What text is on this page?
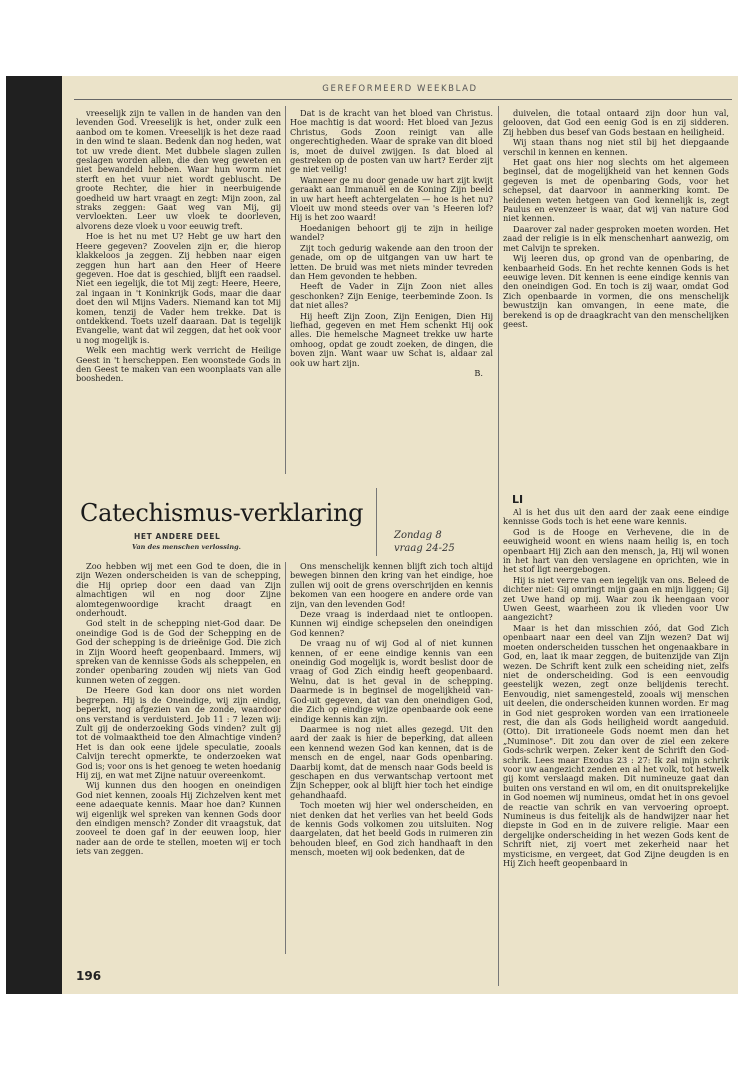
GEREFORMEERD WEEKBLAD

vreeselijk zijn te vallen in de handen van den levenden God. Vreeselijk is het, onder zulk een aanbod om te komen. Vreeselijk is het deze raad in den wind te slaan. Bedenk dan nog heden, wat tot uw vrede dient. Met dubbele slagen zullen geslagen worden allen, die den weg geweten en niet bewandeld hebben. Waar hun worm niet sterft en het vuur niet wordt gebluscht. De groote Rechter, die hier in neerbuigende goedheid uw hart vraagt en zegt: Mijn zoon, zal straks zeggen: Gaat weg van Mij, gij vervloekten. Leer uw vloek te doorleven, alvorens deze vloek u voor eeuwig treft.

Hoe is het nu met U? Hebt ge uw hart den Heere gegeven? Zoovelen zijn er, die hierop klakkeloos ja zeggen. Zij hebben naar eigen zeggen hun hart aan den Heer of Heere gegeven. Hoe dat is geschied, blijft een raadsel. Niet een iegelijk, die tot Mij zegt: Heere, Heere, zal ingaan in 't Koninkrijk Gods, maar die daar doet den wil Mijns Vaders. Niemand kan tot Mij komen, tenzij de Vader hem trekke. Dat is ontdekkend. Toets uzelf daaraan. Dat is tegelijk Evangelie, want dat wil zeggen, dat het ook voor u nog mogelijk is.

Welk een machtig werk verricht de Heilige Geest in 't herscheppen. Een woonstede Gods in den Geest te maken van een woonplaats van alle boosheden.

Dat is de kracht van het bloed van Christus. Hoe machtig is dat woord: Het bloed van Jezus Christus, Gods Zoon reinigt van alle ongerechtigheden. Waar de sprake van dit bloed is, moet de duivel zwijgen. Is dat bloed al gestreken op de posten van uw hart? Eerder zijt ge niet veilig!

Wanneer ge nu door genade uw hart zijt kwijt geraakt aan Immanuël en de Koning Zijn beeld in uw hart heeft achtergelaten — hoe is het nu? Vloeit uw mond steeds over van 's Heeren lof? Hij is het zoo waard!

Hoedanigen behoort gij te zijn in heilige wandel?

Zijt toch gedurig wakende aan den troon der genade, om op de uitgangen van uw hart te letten. De bruid was met niets minder tevreden dan Hem gevonden te hebben.

Heeft de Vader in Zijn Zoon niet alles geschonken? Zijn Eenige, teerbeminde Zoon. Is dat niet alles?

Hij heeft Zijn Zoon, Zijn Eenigen, Dien Hij liefhad, gegeven en met Hem schenkt Hij ook alles. Die hemelsche Magneet trekke uw harte omhoog, opdat ge zoudt zoeken, de dingen, die boven zijn. Want waar uw Schat is, aldaar zal ook uw hart zijn.

B.

Catechismus-verklaring
HET ANDERE DEEL
Van des menschen verlossing.
Zondag 8
vraag 24-25
LI

Zoo hebben wij met een God te doen, die in zijn Wezen onderscheiden is van de schepping, die Hij opriep door een daad van Zijn almachtigen wil en nog door Zijne alomtegenwoordige kracht draagt en onderhoudt.

God stelt in de schepping niet-God daar. De oneindige God is de God der Schepping en de God der schepping is de drieënige God. Die zich in Zijn Woord heeft geopenbaard. Immers, wij spreken van de kennisse Gods als scheppelen, en zonder openbaring zouden wij niets van God kunnen weten of zeggen.

De Heere God kan door ons niet worden begrepen. Hij is de Oneindige, wij zijn eindig, beperkt, nog afgezien van de zonde, waardoor ons verstand is verduisterd. Job 11 : 7 lezen wij: Zult gij de onderzoeking Gods vinden? zult gij tot de volmaaktheid toe den Almachtige vinden? Het is dan ook eene ijdele speculatie, zooals Calvijn terecht opmerkte, te onderzoeken wat God is; voor ons is het genoeg te weten hoedanig Hij zij, en wat met Zijne natuur overeenkomt.

Wij kunnen dus den hoogen en oneindigen God niet kennen, zooals Hij Zichzelven kent met eene adaequate kennis. Maar hoe dan? Kunnen wij eigenlijk wel spreken van kennen Gods door den eindigen mensch? Zonder dit vraagstuk, dat zooveel te doen gaf in der eeuwen loop, hier nader aan de orde te stellen, moeten wij er toch iets van zeggen.

Ons menschelijk kennen blijft zich toch altijd bewegen binnen den kring van het eindige, hoe zullen wij ooit de grens overschrijden en kennis bekomen van een hoogere en andere orde van zijn, van den levenden God!

Deze vraag is inderdaad niet te ontloopen. Kunnen wij eindige schepselen den oneindigen God kennen?

De vraag nu of wij God al of niet kunnen kennen, of er eene eindige kennis van een oneindig God mogelijk is, wordt beslist door de vraag of God Zich eindig heeft geopenbaard. Welnu, dat is het geval in de schepping. Daarmede is in beginsel de mogelijkheid van-God-uit gegeven, dat van den oneindigen God, die Zich op eindige wijze openbaarde ook eene eindige kennis kan zijn.

Daarmee is nog niet alles gezegd. Uit den aard der zaak is hier de beperking, dat alleen een kennend wezen God kan kennen, dat is de mensch en de engel, naar Gods openbaring. Daarbij komt, dat de mensch naar Gods beeld is geschapen en dus verwantschap vertoont met Zijn Schepper, ook al blijft hier toch het eindige gehandhaafd.

Toch moeten wij hier wel onderscheiden, en niet denken dat het verlies van het beeld Gods de kennis Gods volkomen zou uitsluiten. Nog daargelaten, dat het beeld Gods in ruimeren zin behouden bleef, en God zich handhaaft in den mensch, moeten wij ook bedenken, dat de

duivelen, die totaal ontaard zijn door hun val, gelooven, dat God een eenig God is en zij sidderen. Zij hebben dus besef van Gods bestaan en heiligheid.

Wij staan thans nog niet stil bij het diepgaande verschil in kennen en kennen.

Het gaat ons hier nog slechts om het algemeen beginsel, dat de mogelijkheid van het kennen Gods gegeven is met de openbaring Gods, voor het schepsel, dat daarvoor in aanmerking komt. De heidenen weten hetgeen van God kennelijk is, zegt Paulus en evenzeer is waar, dat wij van nature God niet kennen.

Daarover zal nader gesproken moeten worden. Het zaad der religie is in elk menschenhart aanwezig, om met Calvijn te spreken.

Wij leeren dus, op grond van de openbaring, de kenbaarheid Gods. En het rechte kennen Gods is het eeuwige leven. Dit kennen is eene eindige kennis van den oneindigen God. En toch is zij waar, omdat God Zich openbaarde in vormen, die ons menschelijk bewustzijn kan omvangen, in eene mate, die berekend is op de draagkracht van den menschelijken geest.

Al is het dus uit den aard der zaak eene eindige kennisse Gods toch is het eene ware kennis.

God is de Hooge en Verhevene, die in de eeuwigheid woont en wiens naam heilig is, en toch openbaart Hij Zich aan den mensch, ja, Hij wil wonen in het hart van den verslagene en oprichten, wie in het stof ligt neergebogen.

Hij is niet verre van een iegelijk van ons. Beleed de dichter niet: Gij omringt mijn gaan en mijn liggen; Gij zet Uwe hand op mij. Waar zou ik heengaan voor Uwen Geest, waarheen zou ik vlieden voor Uw aangezicht?

Maar is het dan misschien zóó, dat God Zich openbaart naar een deel van Zijn wezen? Dat wij moeten onderscheiden tusschen het ongenaakbare in God, en, laat ik maar zeggen, de buitenzijde van Zijn wezen. De Schrift kent zulk een scheiding niet, zelfs niet de onderscheiding. God is een eenvoudig geestelijk wezen, zegt onze belijdenis terecht. Eenvoudig, niet samengesteld, zooals wij menschen uit deelen, die onderscheiden kunnen worden. Er mag in God niet gesproken worden van een irrationeele rest, die dan als Gods heiligheid wordt aangeduid. (Otto). Dit irrationeele Gods noemt men dan het „Numinose". Dit zou dan over de ziel een zekere Gods-schrik werpen. Zeker kent de Schrift den God-schrik. Lees maar Exodus 23 : 27: Ik zal mijn schrik voor uw aangezicht zenden en al het volk, tot hetwelk gij komt verslaagd maken. Dit numineuze gaat dan buiten ons verstand en wil om, en dit onuitsprekelijke in God noemen wij numineus, omdat het in ons gevoel de reactie van schrik en van vervoering oproept. Numineus is dus feitelijk als de handwijzer naar het diepste in God en in de zuivere religie. Maar een dergelijke onderscheiding in het wezen Gods kent de Schrift niet, zij voert met zekerheid naar het mysticisme, en vergeet, dat God Zijne deugden is en Hij Zich heeft geopenbaard in

196
